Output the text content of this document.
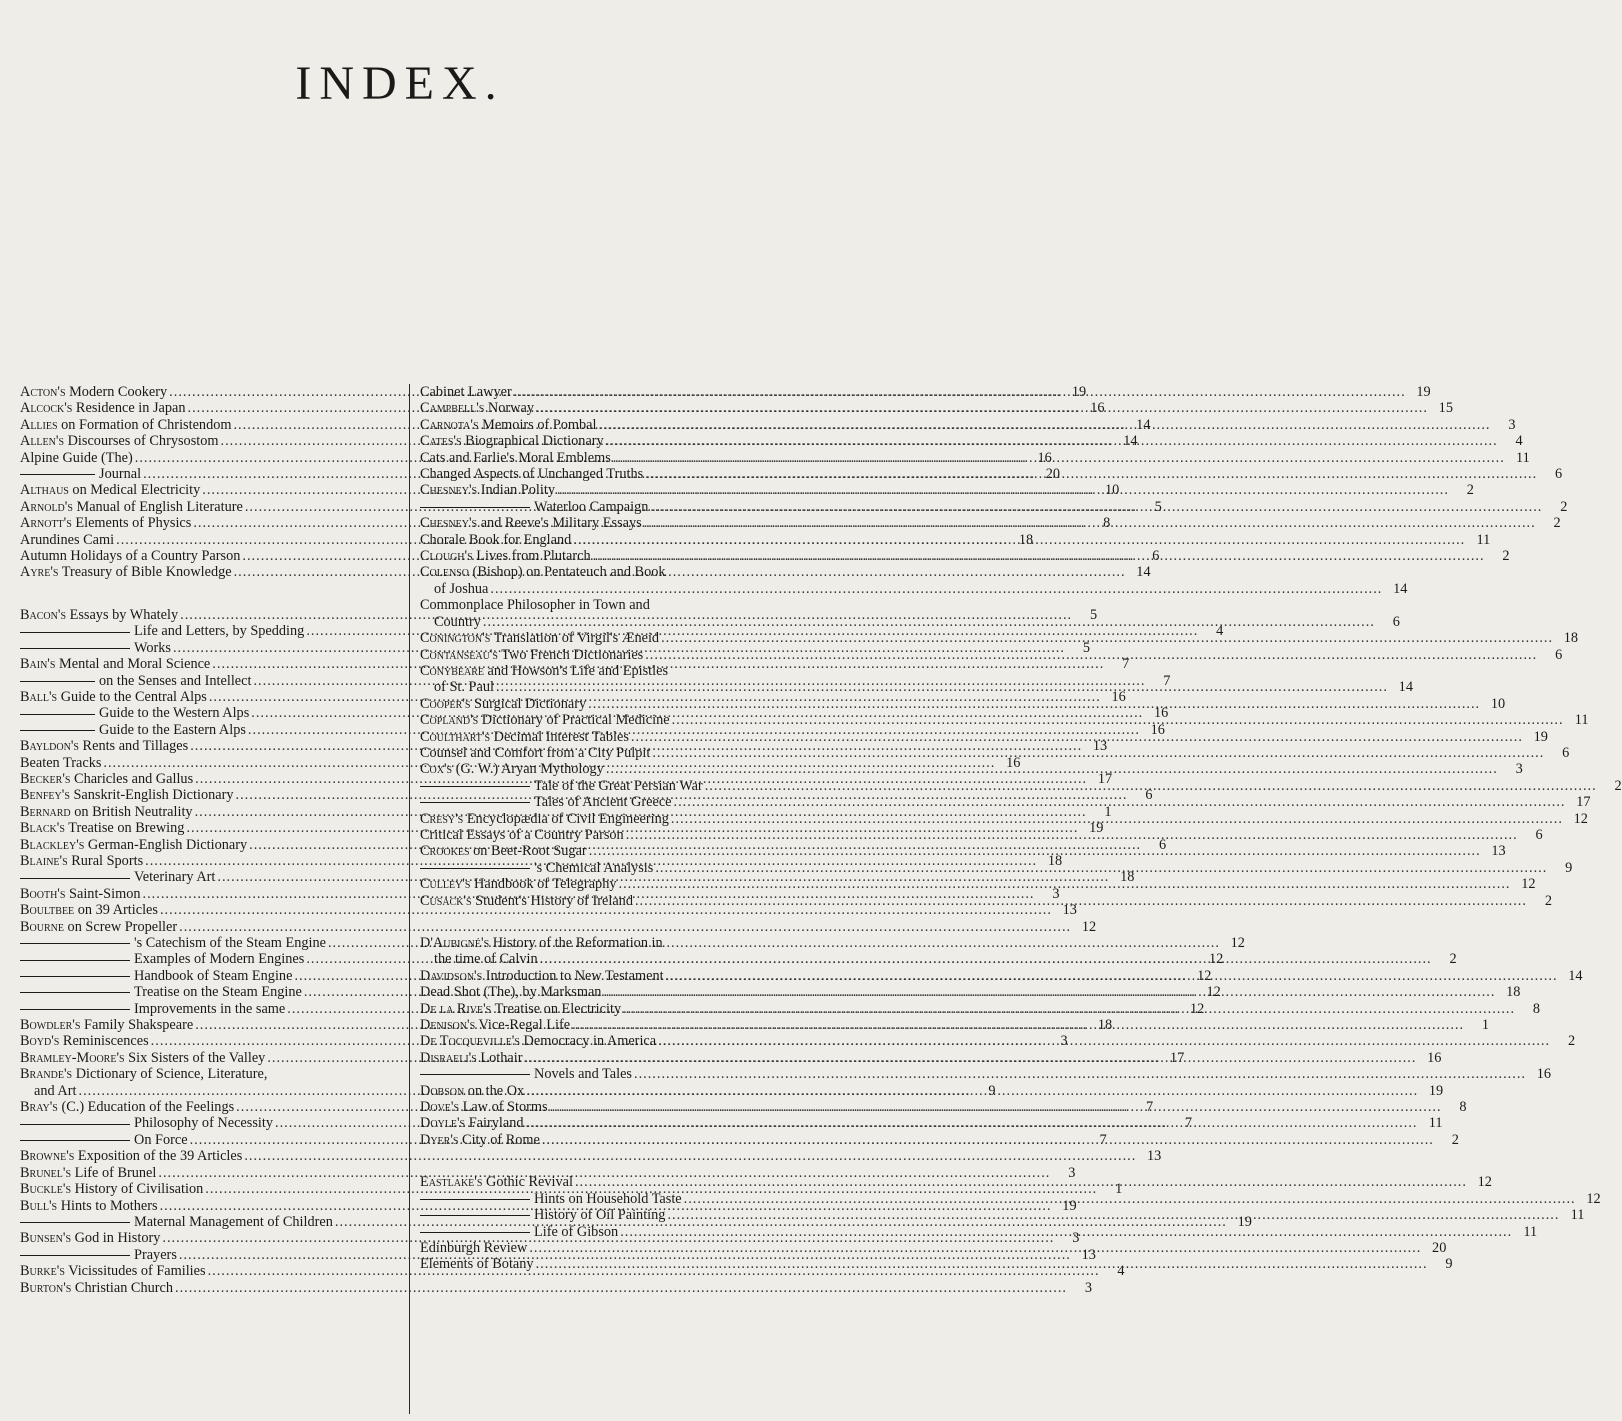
INDEX.
Acton's Modern Cookery .....	19
Alcock's Residence in Japan .....	16
Allies on Formation of Christendom .....	14
Allen's Discourses of Chrysostom .....	14
Alpine Guide (The) .....	16
Journal .....	20
Althaus on Medical Electricity .....	10
Arnold's Manual of English Literature .....	5
Arnott's Elements of Physics .....	8
Arundines Cami .....	18
Autumn Holidays of a Country Parson .....	6
Ayre's Treasury of Bible Knowledge .....	14
Bacon's Essays by Whately .....	5
Life and Letters, by Spedding .....	4
Works .....	5
Bain's Mental and Moral Science .....	7
on the Senses and Intellect .....	7
Ball's Guide to the Central Alps .....	16
Guide to the Western Alps .....	16
Guide to the Eastern Alps .....	16
Bayldon's Rents and Tillages .....	13
Beaten Tracks .....	16
Becker's Charicles and Gallus .....	17
Benfey's Sanskrit-English Dictionary .....	6
Bernard on British Neutrality .....	1
Black's Treatise on Brewing .....	19
Blackley's German-English Dictionary .....	6
Blaine's Rural Sports .....	18
Veterinary Art .....	18
Booth's Saint-Simon .....	3
Boultbee on 39 Articles .....	13
Bourne on Screw Propeller .....	12
's Catechism of the Steam Engine .....	12
Examples of Modern Engines .....	12
Handbook of Steam Engine .....	12
Treatise on the Steam Engine .....	12
Improvements in the same .....	12
Bowdler's Family Shakspeare .....	18
Boyd's Reminiscences .....	3
Bramley-Moore's Six Sisters of the Valley .....	17
Brande's Dictionary of Science, Literature,
and Art .....	9
Bray's (C.) Education of the Feelings .....	7
Philosophy of Necessity .....	7
On Force .....	7
Browne's Exposition of the 39 Articles .....	13
Brunel's Life of Brunel .....	3
Buckle's History of Civilisation .....	1
Bull's Hints to Mothers .....	19
Maternal Management of Children .....	19
Bunsen's God in History .....	3
Prayers .....	13
Burke's Vicissitudes of Families .....	4
Burton's Christian Church .....	3
Cabinet Lawyer .....	19
Campbell's Norway .....	15
Carnota's Memoirs of Pombal .....	3
Cates's Biographical Dictionary .....	4
Cats and Farlie's Moral Emblems .....	11
Changed Aspects of Unchanged Truths .....	6
Chesney's Indian Polity .....	2
Waterloo Campaign .....	2
Chesney's and Reeve's Military Essays .....	2
Chorale Book for England .....	11
Clough's Lives from Plutarch .....	2
Colenso (Bishop) on Pentateuch and Book
of Joshua .....	14
Commonplace Philosopher in Town and
Country .....	6
Conington's Translation of Virgil's Æneid .....	18
Contanseau's Two French Dictionaries .....	6
Conybeare and Howson's Life and Epistles
of St. Paul .....	14
Cooper's Surgical Dictionary .....	10
Copland's Dictionary of Practical Medicine .....	11
Coulthart's Decimal Interest Tables .....	19
Counsel and Comfort from a City Pulpit .....	6
Cox's (G. W.) Aryan Mythology .....	3
Tale of the Great Persian War .....	2
Tales of Ancient Greece .....	17
Cresy's Encyclopædia of Civil Engineering .....	12
Critical Essays of a Country Parson .....	6
Crookes on Beet-Root Sugar .....	13
's Chemical Analysis .....	9
Culley's Handbook of Telegraphy .....	12
Cusack's Student's History of Ireland .....	2
D'Aubigné's History of the Reformation in
the time of Calvin .....	2
Davidson's Introduction to New Testament .....	14
Dead Shot (The), by Marksman .....	18
De la Rive's Treatise on Electricity .....	8
Denison's Vice-Regal Life .....	1
De Tocqueville's Democracy in America .....	2
Disraeli's Lothair .....	16
Novels and Tales .....	16
Dobson on the Ox .....	19
Dove's Law of Storms .....	8
Doyle's Fairyland .....	11
Dyer's City of Rome .....	2
Eastlake's Gothic Revival .....	12
Hints on Household Taste .....	12
History of Oil Painting .....	11
Life of Gibson .....	11
Edinburgh Review .....	20
Elements of Botany .....	9
